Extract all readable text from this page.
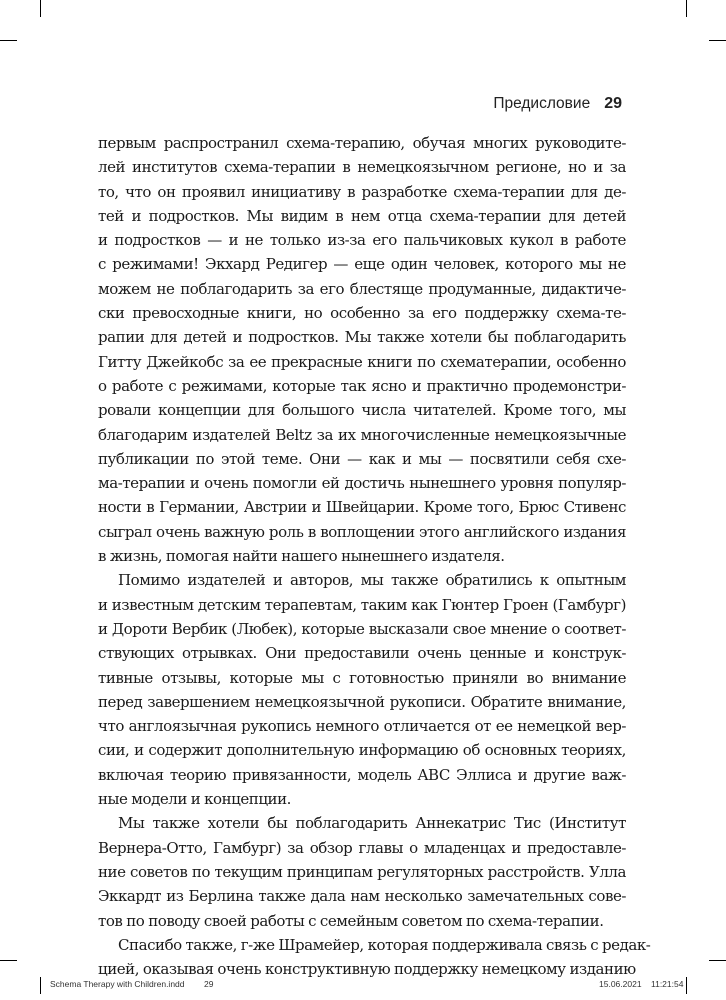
Предисловие 29
первым распространил схема-терапию, обучая многих руководите-
лей институтов схема-терапии в немецкоязычном регионе, но и за
то, что он проявил инициативу в разработке схема-терапии для де-
тей и подростков. Мы видим в нем отца схема-терапии для детей
и подростков — и не только из-за его пальчиковых кукол в работе
с режимами! Экхард Редигер — еще один человек, которого мы не
можем не поблагодарить за его блестяще продуманные, дидактиче-
ски превосходные книги, но особенно за его поддержку схема-те-
рапии для детей и подростков. Мы также хотели бы поблагодарить
Гитту Джейкобс за ее прекрасные книги по схематерапии, особенно
о работе с режимами, которые так ясно и практично продемонстри-
ровали концепции для большого числа читателей. Кроме того, мы
благодарим издателей Beltz за их многочисленные немецкоязычные
публикации по этой теме. Они — как и мы — посвятили себя схе-
ма-терапии и очень помогли ей достичь нынешнего уровня популяр-
ности в Германии, Австрии и Швейцарии. Кроме того, Брюс Стивенс
сыграл очень важную роль в воплощении этого английского издания
в жизнь, помогая найти нашего нынешнего издателя.
Помимо издателей и авторов, мы также обратились к опытным
и известным детским терапевтам, таким как Гюнтер Гроен (Гамбург)
и Дороти Вербик (Любек), которые высказали свое мнение о соответ-
ствующих отрывках. Они предоставили очень ценные и конструк-
тивные отзывы, которые мы с готовностью приняли во внимание
перед завершением немецкоязычной рукописи. Обратите внимание,
что англоязычная рукопись немного отличается от ее немецкой вер-
сии, и содержит дополнительную информацию об основных теориях,
включая теорию привязанности, модель ABC Эллиса и другие важ-
ные модели и концепции.
Мы также хотели бы поблагодарить Аннекатрис Тис (Институт
Вернера-Отто, Гамбург) за обзор главы о младенцах и предоставле-
ние советов по текущим принципам регуляторных расстройств. Улла
Эккардт из Берлина также дала нам несколько замечательных сове-
тов по поводу своей работы с семейным советом по схема-терапии.
Спасибо также, г-же Шрамейер, которая поддерживала связь с редак-
цией, оказывая очень конструктивную поддержку немецкому изданию
Schema Therapy with Children.indd 29	15.06.2021 11:21:54
